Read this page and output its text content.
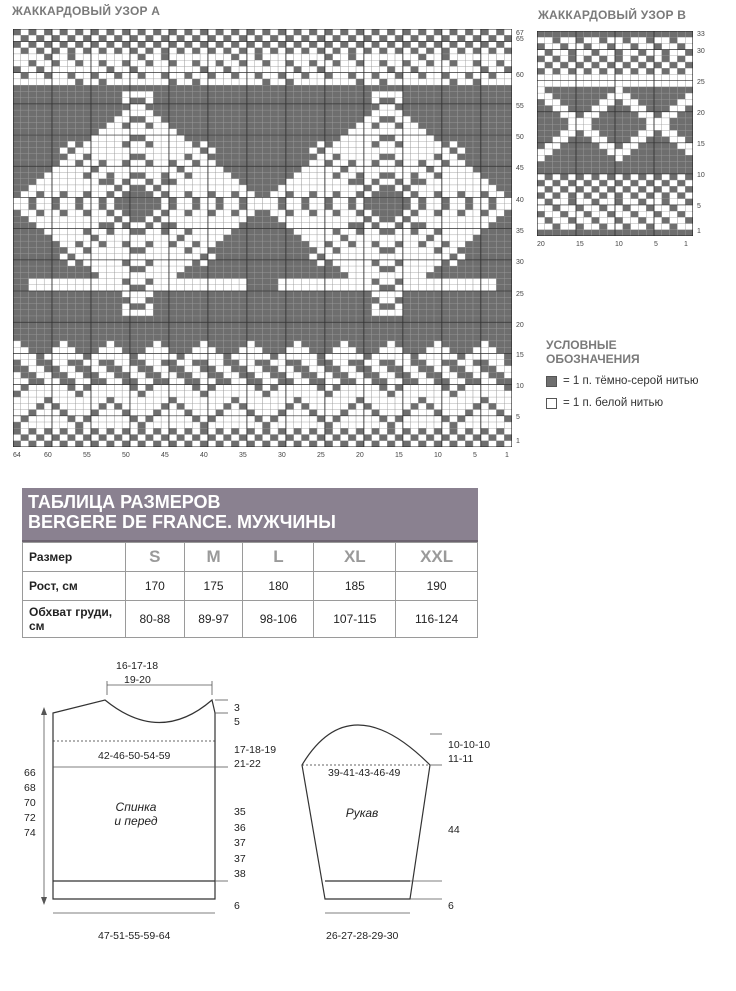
ЖАККАРДОВЫЙ УЗОР А
67
65
60
55
50
45
40
35
30
25
20
15
10
5
1
64	60	55	50	45	40	35	30	25	20	15	10	5	1
ЖАККАРДОВЫЙ УЗОР В
33
30
25
20
15
10
5
1
20	15	10	5	1
УСЛОВНЫЕ
ОБОЗНАЧЕНИЯ
= 1 п. тёмно-серой нитью
= 1 п. белой нитью
ТАБЛИЦА РАЗМЕРОВ
BERGERE DE FRANCE. МУЖЧИНЫ
Размер	S	M	L	XL	XXL
Рост, см	170	175	180	185	190
Обхват груди, см	80-88	89-97	98-106	107-115	116-124
16-17-18
19-20
3
5
17-18-19
21-22
42-46-50-54-59
66
68
70
72
74
35
36
37
37
38
Спинка
и перед
6
47-51-55-59-64
10-10-10
11-11
39-41-43-46-49
Рукав
44
6
26-27-28-29-30
